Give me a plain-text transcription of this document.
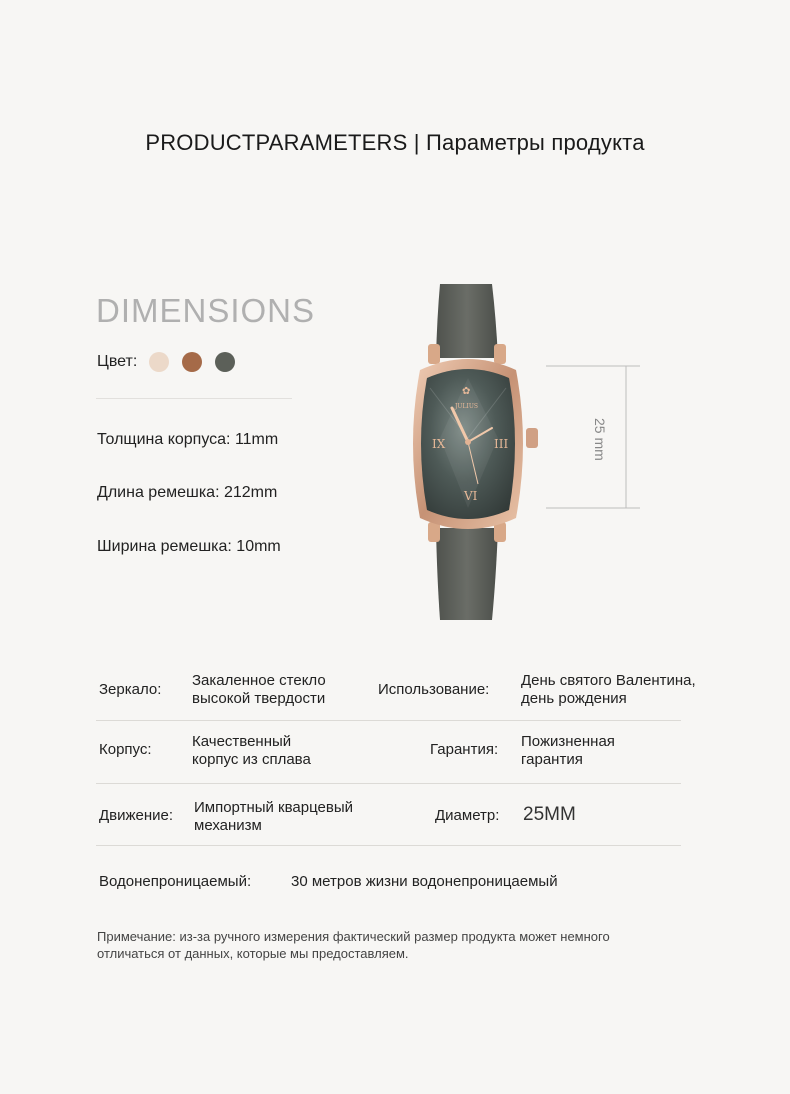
PRODUCTPARAMETERS | Параметры продукта
DIMENSIONS
Цвет:
Толщина корпуса: 11mm
Длина ремешка: 212mm
Ширина ремешка: 10mm
✿
JULIUS
IX	III
VI
25 mm
Зеркало:
Закаленное стекло высокой твердости
Использование:
День святого Валентина, день рождения
Корпус:	Качественный корпус из сплава
Гарантия: Пожизненная гарантия
Движение: Импортный кварцевый механизм
Диаметр: 25MM
Водонепроницаемый:	30 метров жизни водонепроницаемый
Примечание: из-за ручного измерения фактический размер продукта может немного отличаться от данных, которые мы предоставляем.
